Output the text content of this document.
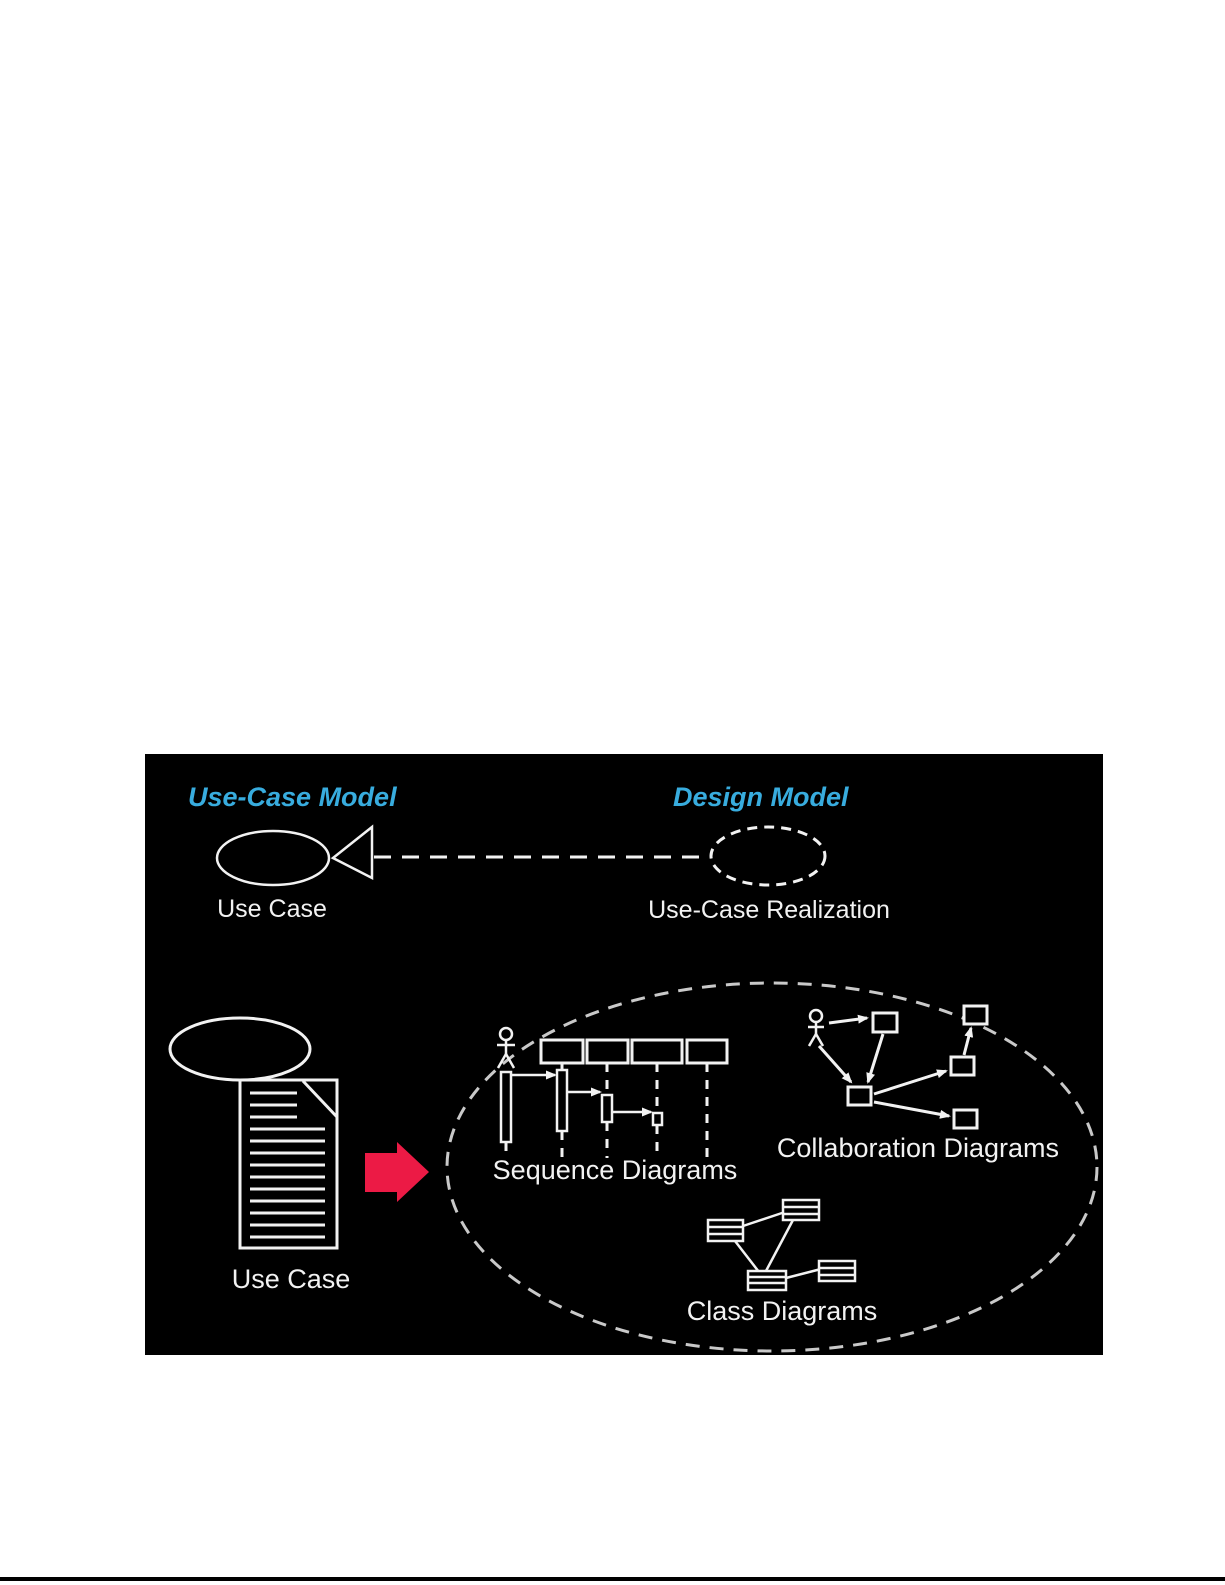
Use-Case Model	Design Model
Use Case	Use-Case Realization
Use Case
Sequence Diagrams
Collaboration Diagrams
Class Diagrams
